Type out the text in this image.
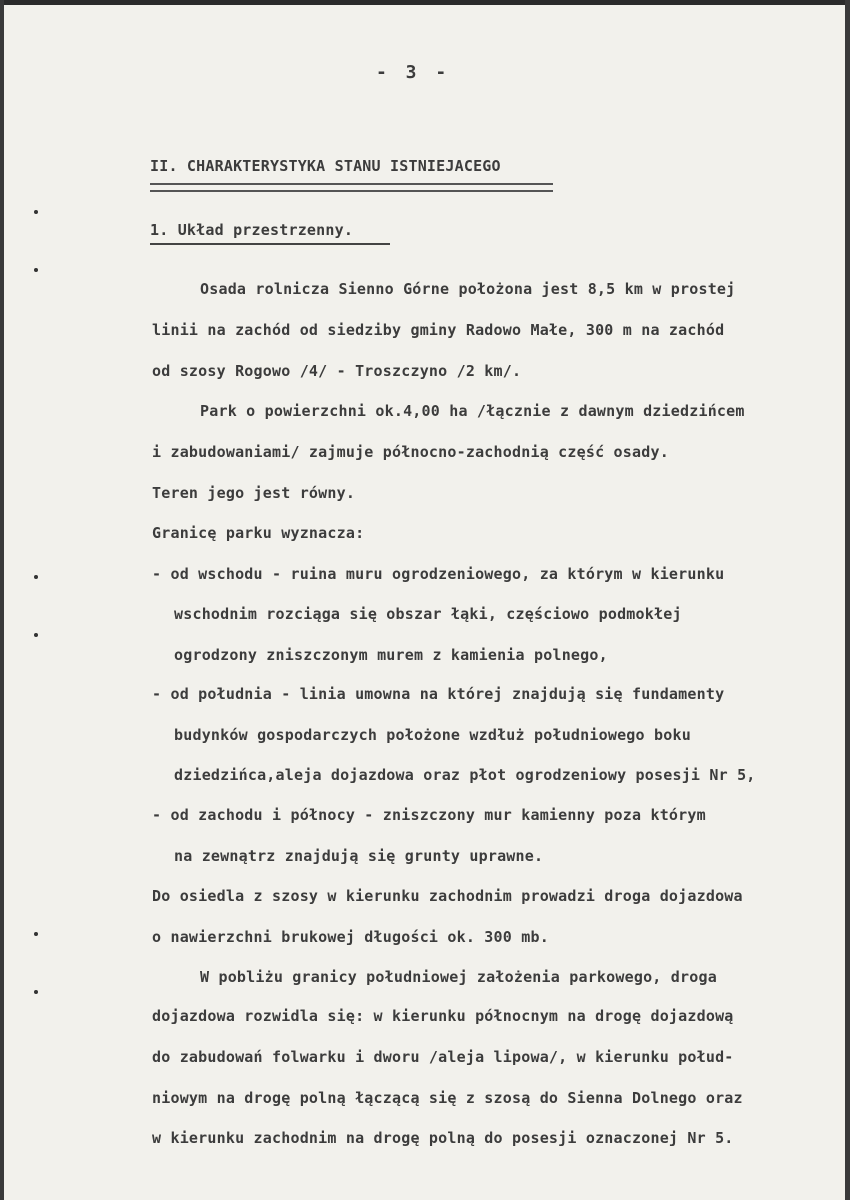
- 3 -
II. CHARAKTERYSTYKA STANU ISTNIEJACEGO
1. Układ przestrzenny.
Osada rolnicza Sienno Górne położona jest 8,5 km w prostej
linii na zachód od siedziby gminy Radowo Małe, 300 m na zachód
od szosy Rogowo /4/ - Troszczyno /2 km/.
Park o powierzchni ok.4,00 ha /łącznie z dawnym dziedzińcem
i zabudowaniami/ zajmuje północno-zachodnią część osady.
Teren jego jest równy.
Granicę parku wyznacza:
- od wschodu - ruina muru ogrodzeniowego, za którym w kierunku
wschodnim rozciąga się obszar łąki, częściowo podmokłej
ogrodzony zniszczonym murem z kamienia polnego,
- od południa - linia umowna na której znajdują się fundamenty
budynków gospodarczych położone wzdłuż południowego boku
dziedzińca,aleja dojazdowa oraz płot ogrodzeniowy posesji Nr 5,
- od zachodu i północy - zniszczony mur kamienny poza którym
na zewnątrz znajdują się grunty uprawne.
Do osiedla z szosy w kierunku zachodnim prowadzi droga dojazdowa
o nawierzchni brukowej długości ok. 300 mb.
W pobliżu granicy południowej założenia parkowego, droga
dojazdowa rozwidla się: w kierunku północnym na drogę dojazdową
do zabudowań folwarku i dworu /aleja lipowa/, w kierunku połud-
niowym na drogę polną łączącą się z szosą do Sienna Dolnego oraz
w kierunku zachodnim na drogę polną do posesji oznaczonej Nr 5.
